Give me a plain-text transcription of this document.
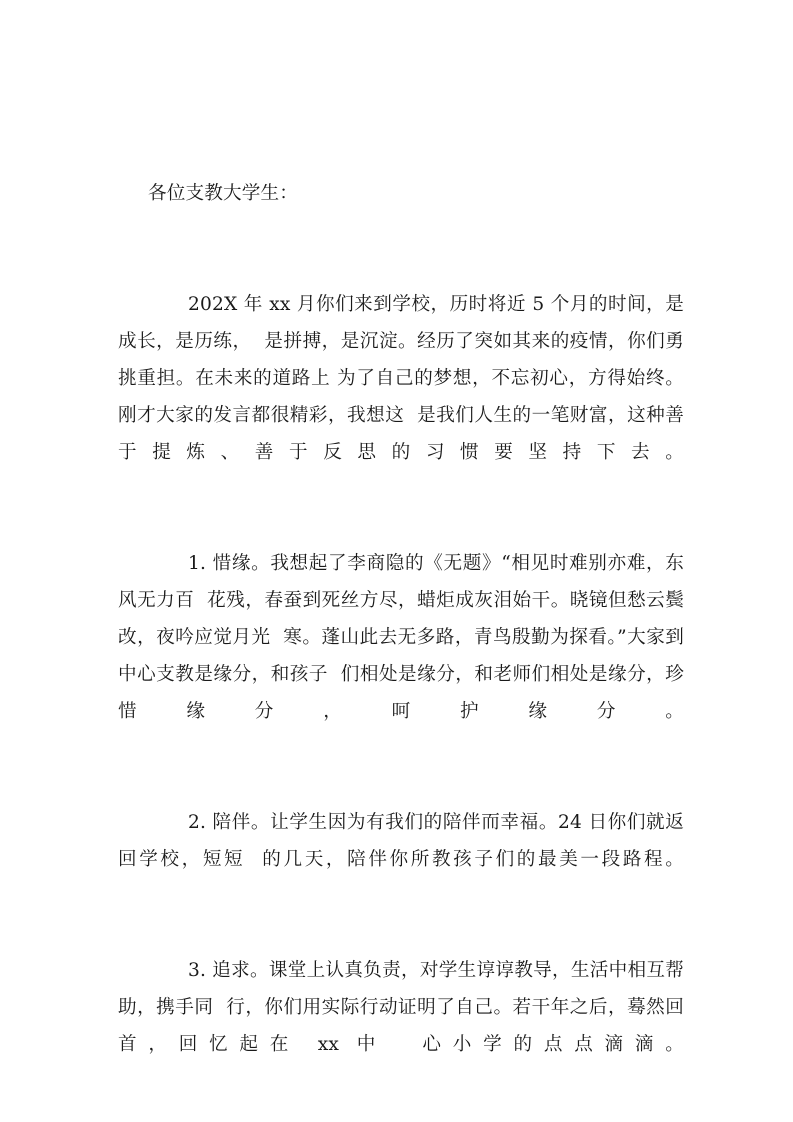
各位支教大学生：

202X 年 xx 月你们来到学校，历时将近 5 个月的时间，是成长，是历练，  是拼搏，是沉淀。经历了突如其来的疫情，你们勇挑重担。在未来的道路上 为了自己的梦想，不忘初心，方得始终。刚才大家的发言都很精彩，我想这  是我们人生的一笔财富，这种善于提炼、善于反思的习惯要坚持下去。

1. 惜缘。我想起了李商隐的《无题》“相见时难别亦难，东风无力百  花残，春蚕到死丝方尽，蜡炬成灰泪始干。晓镜但愁云鬓改，夜吟应觉月光  寒。蓬山此去无多路，青鸟殷勤为探看。”大家到中心支教是缘分，和孩子  们相处是缘分，和老师们相处是缘分，珍惜缘分，呵护缘分。

2. 陪伴。让学生因为有我们的陪伴而幸福。24 日你们就返回学校，短短  的几天，陪伴你所教孩子们的最美一段路程。

3. 追求。课堂上认真负责，对学生谆谆教导，生活中相互帮助，携手同  行，你们用实际行动证明了自己。若干年之后，蓦然回首，回忆起在 xx 中  心小学的点点滴滴。
